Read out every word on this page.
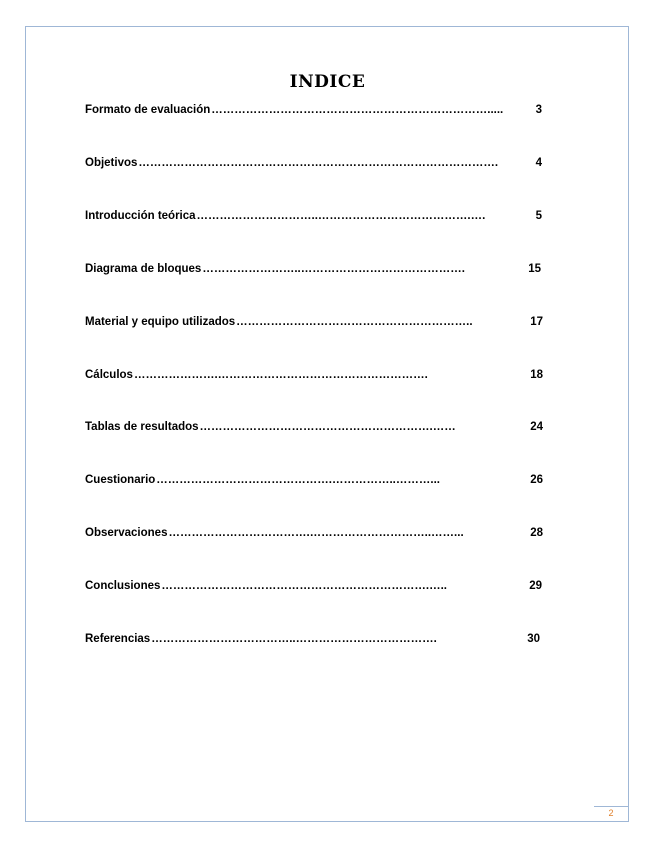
INDICE
Formato de evaluación ……………………………………………………………….....	3
Objetivos ………………………………………………………………………………….	4
Introducción teórica …………………………..………………………………….….	5
Diagrama de bloques ……………………..…………………………………….	15
Material y equipo utilizados ……………………………………………………..	17
Cálculos ………………….……………………………………………….	18
Tablas de resultados …………………………………………………….……	24
Cuestionario ……………………………………….……………..………...	26
Observaciones ……………………………….…………………………..……...	28
Conclusiones …………………………………………………………….…..	29
Referencias ………………………………..……………………………….	30
2
